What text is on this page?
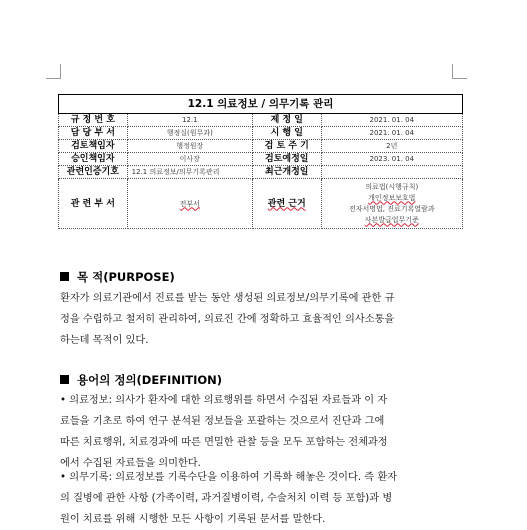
12.1 의료정보 / 의무기록 관리			
규 정 번 호	12.1	제 정 일	2021. 01. 04
담 당 부 서	행정실(원무과)	시 행 일	2021. 01. 04
검토책임자	행정원장	검 토 주 기	2년
승인책임자	이사장	검토예정일	2023. 01. 04
관련인증기호	12.1 의료정보/의무기록관리	최근개정일	
관 련 부 서	전부서	관련 근거	의료법(시행규칙)
개인정보보호법
전자서명법, 진료기록열람과
사본발급업무기준
목 적(PURPOSE)
환자가 의료기관에서 진료를 받는 동안 생성된 의료정보/의무기록에 관한 규
정을 수립하고 철저히 관리하여, 의료진 간에 정확하고 효율적인 의사소통을
하는데 목적이 있다.
용어의 정의(DEFINITION)
• 의료정보: 의사가 환자에 대한 의료행위를 하면서 수집된 자료들과 이 자
료들을 기초로 하여 연구 분석된 정보들을 포괄하는 것으로서 진단과 그에
따른 치료행위, 치료경과에 따른 면밀한 관찰 등을 모두 포함하는 전체과정
에서 수집된 자료들을 의미한다.
• 의무기록: 의료정보를 기록수단을 이용하여 기록화 해놓은 것이다. 즉 환자
의 질병에 관한 사항 (가족이력, 과거질병이력, 수술처치 이력 등 포함)과 병
원이 치료를 위해 시행한 모든 사항이 기록된 문서를 말한다.
